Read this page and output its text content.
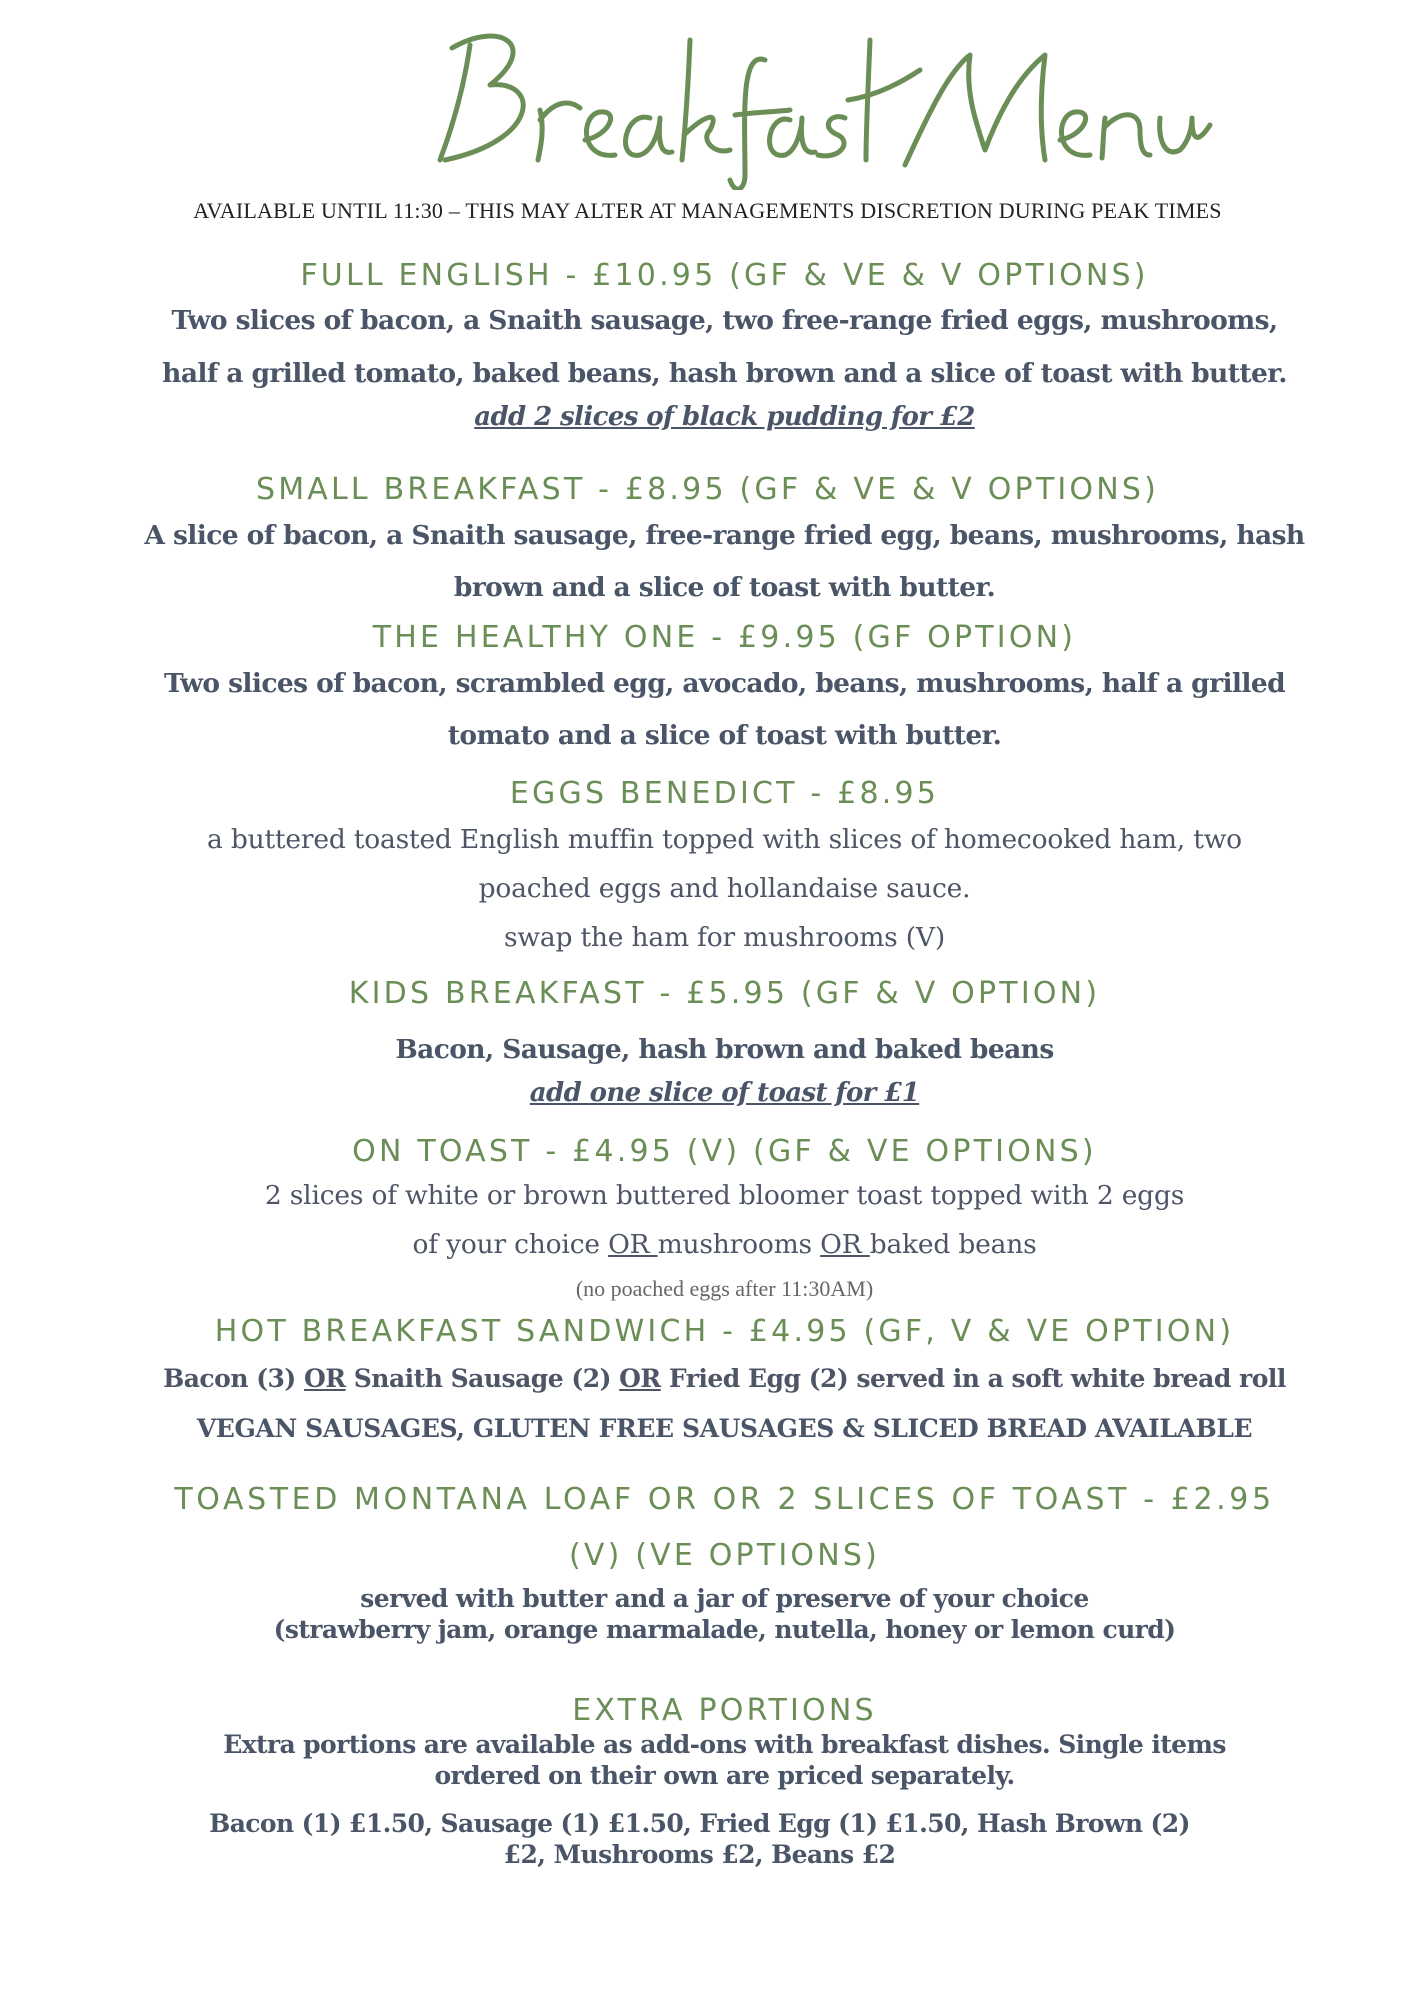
AVAILABLE UNTIL 11:30 – THIS MAY ALTER AT MANAGEMENTS DISCRETION DURING PEAK TIMES
FULL ENGLISH - £10.95 (GF & VE & V OPTIONS)
Two slices of bacon, a Snaith sausage, two free-range fried eggs, mushrooms,
half a grilled tomato, baked beans, hash brown and a slice of toast with butter.
add 2 slices of black pudding for £2
SMALL BREAKFAST - £8.95 (GF & VE & V OPTIONS)
A slice of bacon, a Snaith sausage, free-range fried egg, beans, mushrooms, hash
brown and a slice of toast with butter.
THE HEALTHY ONE - £9.95 (GF OPTION)
Two slices of bacon, scrambled egg, avocado, beans, mushrooms, half a grilled
tomato and a slice of toast with butter.
EGGS BENEDICT - £8.95
a buttered toasted English muffin topped with slices of homecooked ham, two
poached eggs and hollandaise sauce.
swap the ham for mushrooms (V)
KIDS BREAKFAST - £5.95 (GF & V OPTION)
Bacon, Sausage, hash brown and baked beans
add one slice of toast for £1
ON TOAST - £4.95 (V) (GF & VE OPTIONS)
2 slices of white or brown buttered bloomer toast topped with 2 eggs
of your choice OR mushrooms OR baked beans
(no poached eggs after 11:30AM)
HOT BREAKFAST SANDWICH - £4.95 (GF, V & VE OPTION)
Bacon (3) OR Snaith Sausage (2) OR Fried Egg (2) served in a soft white bread roll
VEGAN SAUSAGES, GLUTEN FREE SAUSAGES & SLICED BREAD AVAILABLE
TOASTED MONTANA LOAF OR OR 2 SLICES OF TOAST - £2.95
(V) (VE OPTIONS)
served with butter and a jar of preserve of your choice
(strawberry jam, orange marmalade, nutella, honey or lemon curd)
EXTRA PORTIONS
Extra portions are available as add-ons with breakfast dishes. Single items
ordered on their own are priced separately.
Bacon (1) £1.50, Sausage (1) £1.50, Fried Egg (1) £1.50, Hash Brown (2)
£2, Mushrooms £2, Beans £2
